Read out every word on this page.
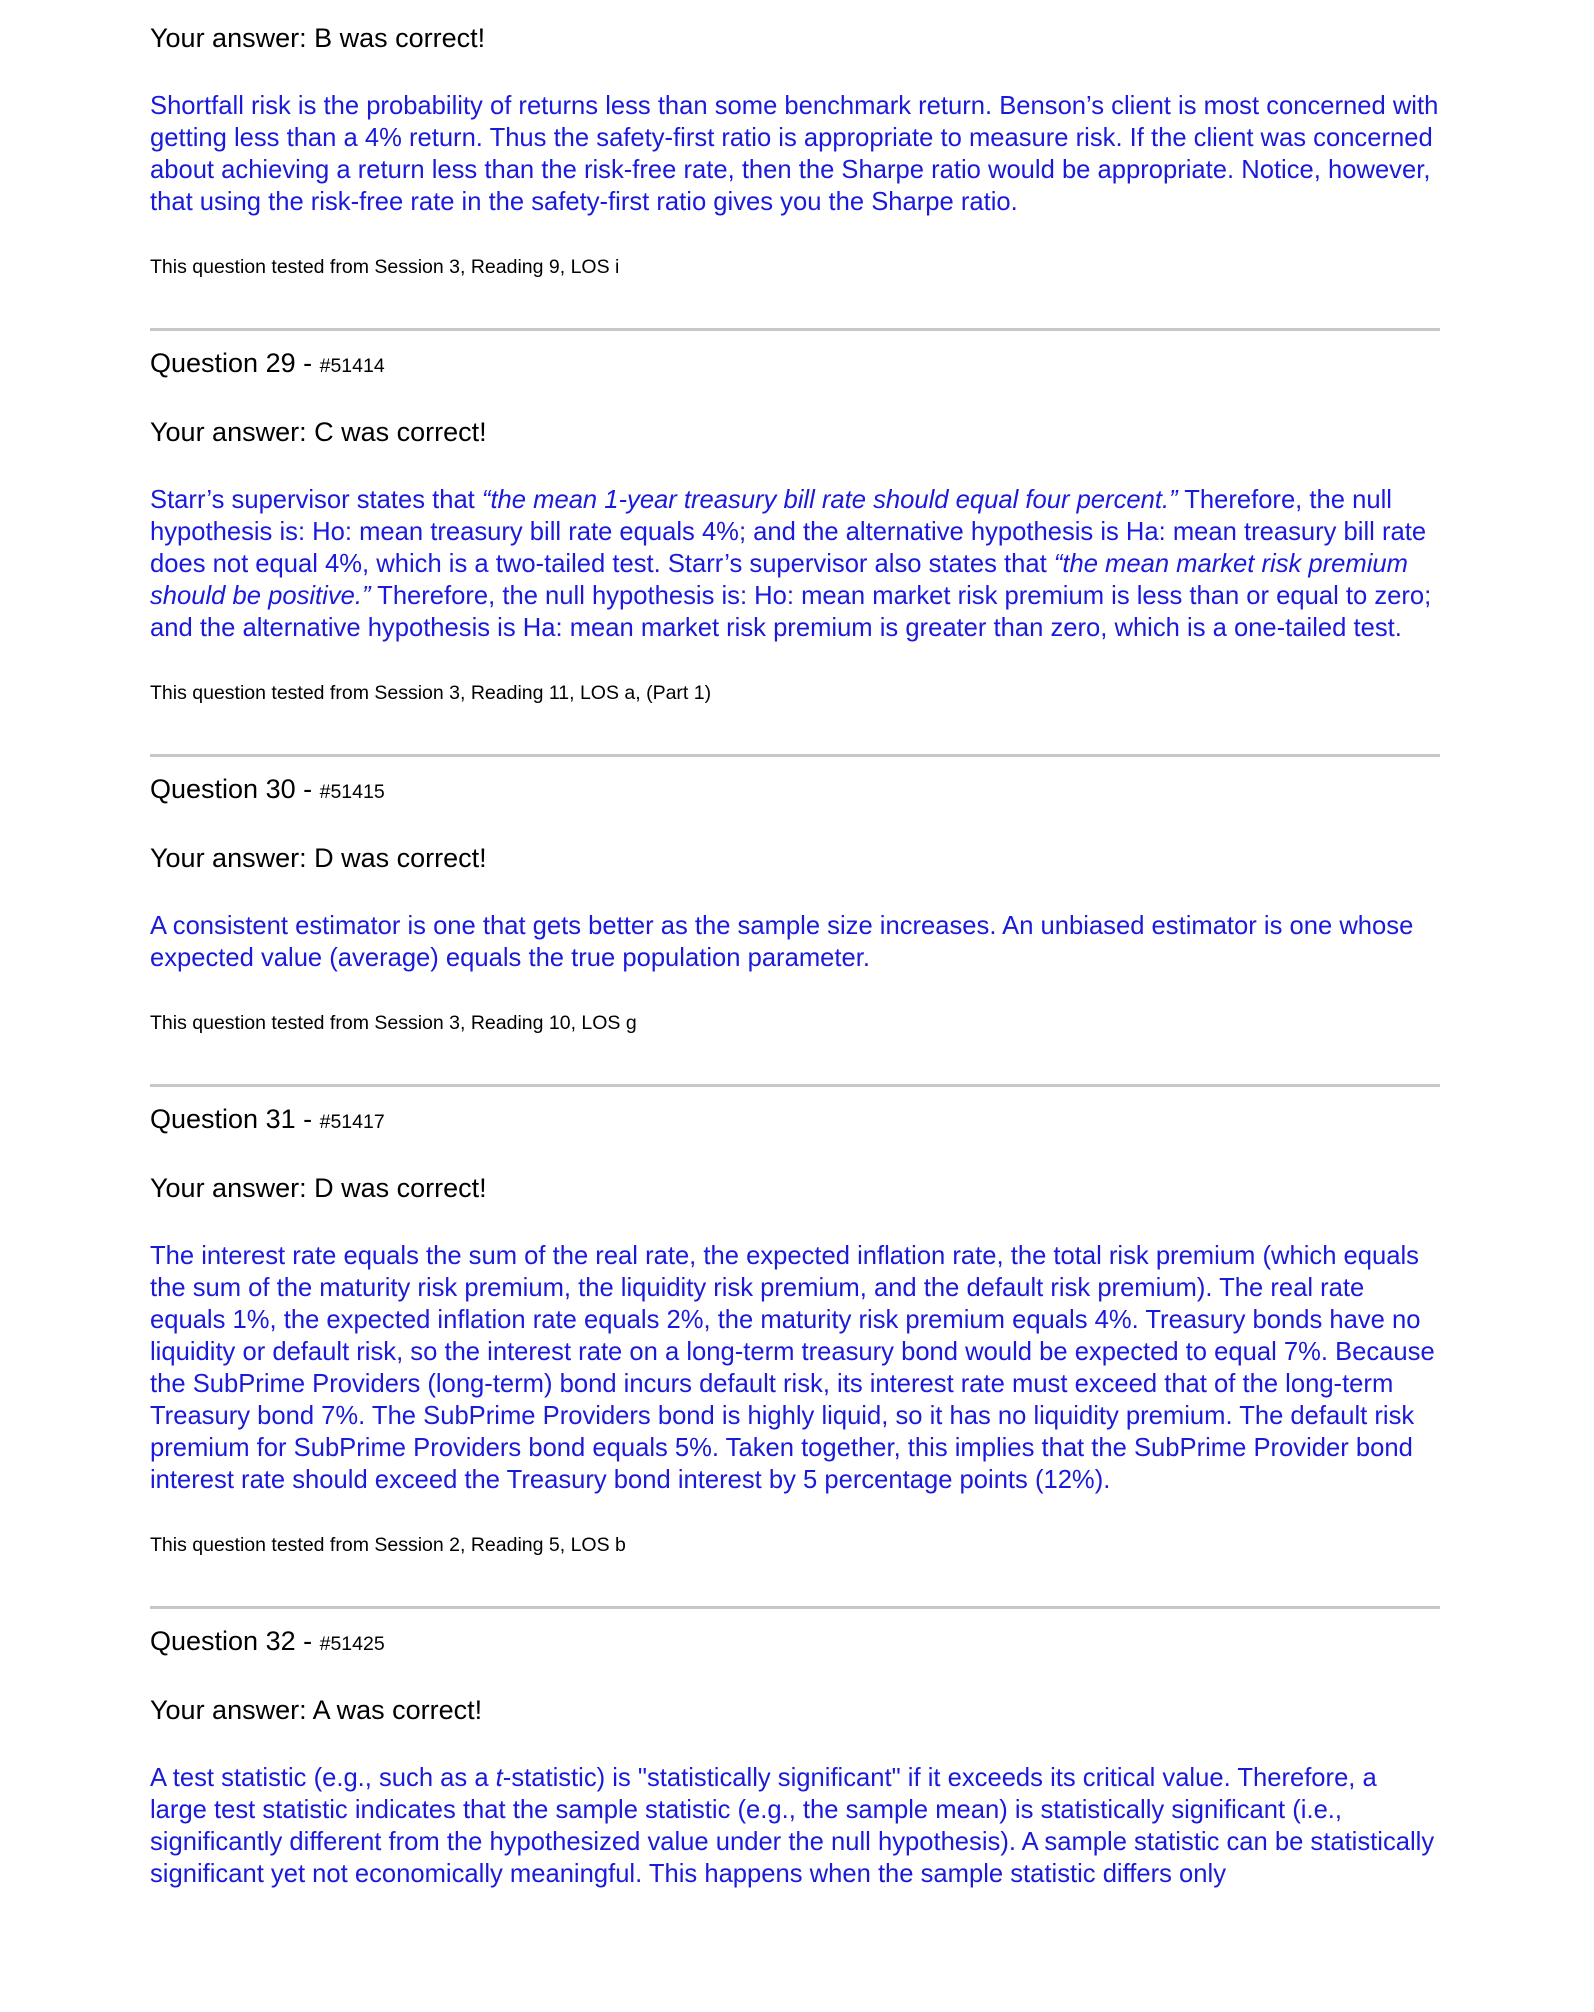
Your answer: B was correct!

Shortfall risk is the probability of returns less than some benchmark return. Benson’s client is most concerned with getting less than a 4% return. Thus the safety-first ratio is appropriate to measure risk. If the client was concerned about achieving a return less than the risk-free rate, then the Sharpe ratio would be appropriate. Notice, however, that using the risk-free rate in the safety-first ratio gives you the Sharpe ratio.

This question tested from Session 3, Reading 9, LOS i

Question 29 - #51414

Your answer: C was correct!

Starr’s supervisor states that “the mean 1-year treasury bill rate should equal four percent.” Therefore, the null hypothesis is: Ho: mean treasury bill rate equals 4%; and the alternative hypothesis is Ha: mean treasury bill rate does not equal 4%, which is a two-tailed test. Starr’s supervisor also states that “the mean market risk premium should be positive.” Therefore, the null hypothesis is: Ho: mean market risk premium is less than or equal to zero; and the alternative hypothesis is Ha: mean market risk premium is greater than zero, which is a one-tailed test.

This question tested from Session 3, Reading 11, LOS a, (Part 1)

Question 30 - #51415

Your answer: D was correct!

A consistent estimator is one that gets better as the sample size increases. An unbiased estimator is one whose expected value (average) equals the true population parameter.

This question tested from Session 3, Reading 10, LOS g

Question 31 - #51417

Your answer: D was correct!

The interest rate equals the sum of the real rate, the expected inflation rate, the total risk premium (which equals the sum of the maturity risk premium, the liquidity risk premium, and the default risk premium). The real rate equals 1%, the expected inflation rate equals 2%, the maturity risk premium equals 4%. Treasury bonds have no liquidity or default risk, so the interest rate on a long-term treasury bond would be expected to equal 7%. Because the SubPrime Providers (long-term) bond incurs default risk, its interest rate must exceed that of the long-term Treasury bond 7%. The SubPrime Providers bond is highly liquid, so it has no liquidity premium. The default risk premium for SubPrime Providers bond equals 5%. Taken together, this implies that the SubPrime Provider bond interest rate should exceed the Treasury bond interest by 5 percentage points (12%).

This question tested from Session 2, Reading 5, LOS b

Question 32 - #51425

Your answer: A was correct!

A test statistic (e.g., such as a t-statistic) is "statistically significant" if it exceeds its critical value. Therefore, a large test statistic indicates that the sample statistic (e.g., the sample mean) is statistically significant (i.e., significantly different from the hypothesized value under the null hypothesis). A sample statistic can be statistically significant yet not economically meaningful. This happens when the sample statistic differs only
